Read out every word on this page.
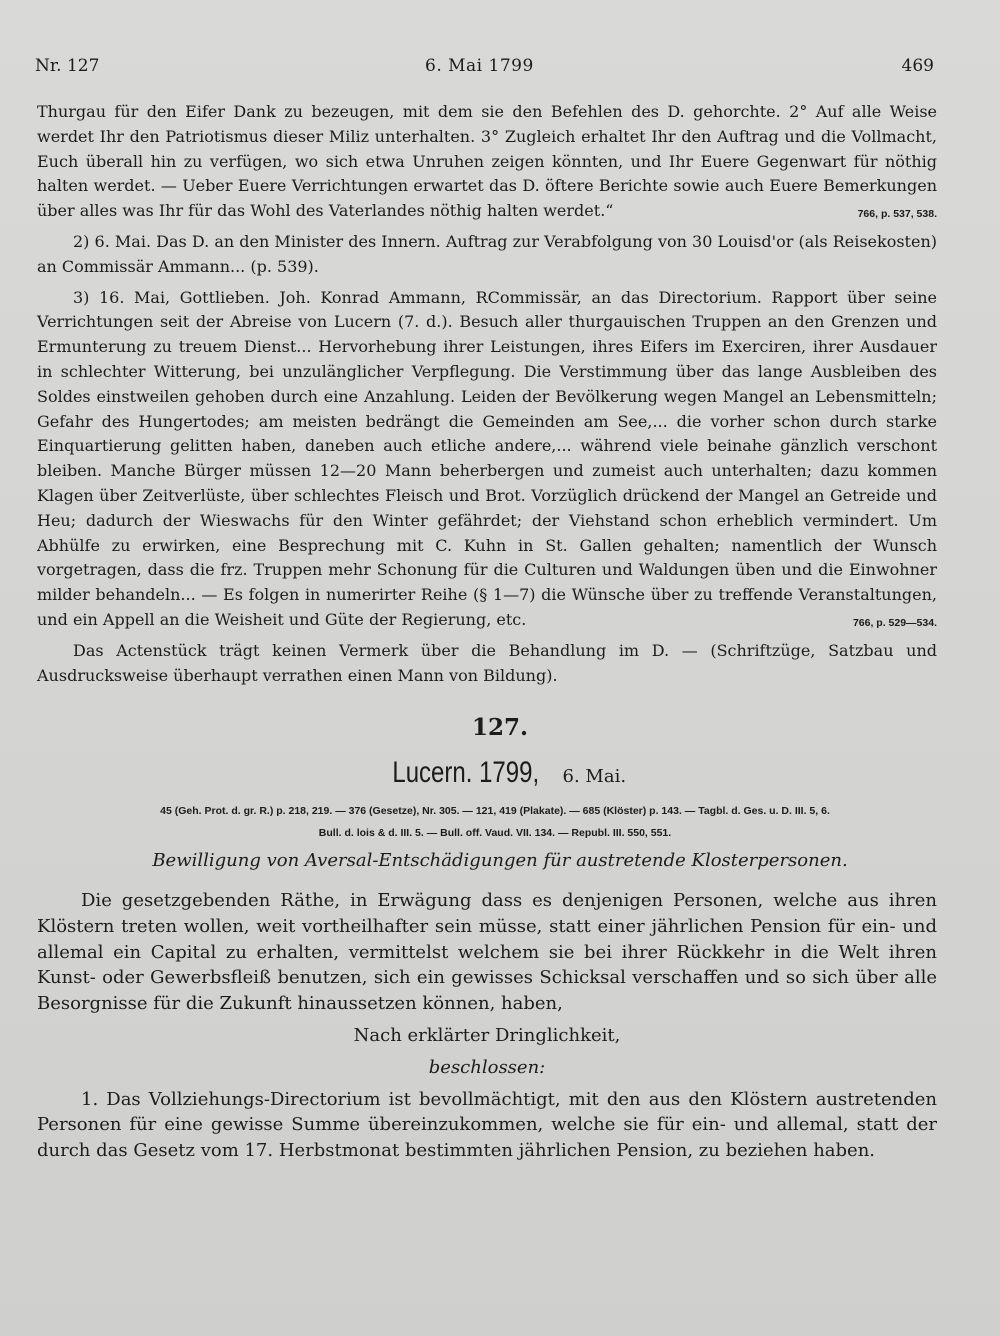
Nr. 127	6. Mai 1799	469

Thurgau für den Eifer Dank zu bezeugen, mit dem sie den Befehlen des D. gehorchte. 2° Auf alle Weise werdet Ihr den Patriotismus dieser Miliz unterhalten. 3° Zugleich erhaltet Ihr den Auftrag und die Vollmacht, Euch überall hin zu verfügen, wo sich etwa Unruhen zeigen könnten, und Ihr Euere Gegenwart für nöthig halten werdet. — Ueber Euere Verrichtungen erwartet das D. öftere Berichte sowie auch Euere Bemerkungen über alles was Ihr für das Wohl des Vaterlandes nöthig halten werdet.“	766, p. 537, 538.

2) 6. Mai. Das D. an den Minister des Innern. Auftrag zur Verabfolgung von 30 Louisd'or (als Reisekosten) an Commissär Ammann... (p. 539).

3) 16. Mai, Gottlieben. Joh. Konrad Ammann, RCommissär, an das Directorium. Rapport über seine Verrichtungen seit der Abreise von Lucern (7. d.). Besuch aller thurgauischen Truppen an den Grenzen und Ermunterung zu treuem Dienst... Hervorhebung ihrer Leistungen, ihres Eifers im Exerciren, ihrer Ausdauer in schlechter Witterung, bei unzulänglicher Verpflegung. Die Verstimmung über das lange Ausbleiben des Soldes einstweilen gehoben durch eine Anzahlung. Leiden der Bevölkerung wegen Mangel an Lebensmitteln; Gefahr des Hungertodes; am meisten bedrängt die Gemeinden am See,... die vorher schon durch starke Einquartierung gelitten haben, daneben auch etliche andere,... während viele beinahe gänzlich verschont bleiben. Manche Bürger müssen 12—20 Mann beherbergen und zumeist auch unterhalten; dazu kommen Klagen über Zeitverlüste, über schlechtes Fleisch und Brot. Vorzüglich drückend der Mangel an Getreide und Heu; dadurch der Wieswachs für den Winter gefährdet; der Viehstand schon erheblich vermindert. Um Abhülfe zu erwirken, eine Besprechung mit C. Kuhn in St. Gallen gehalten; namentlich der Wunsch vorgetragen, dass die frz. Truppen mehr Schonung für die Culturen und Waldungen üben und die Einwohner milder behandeln... — Es folgen in numerirter Reihe (§ 1—7) die Wünsche über zu treffende Veranstaltungen, und ein Appell an die Weisheit und Güte der Regierung, etc.	766, p. 529—534.

Das Actenstück trägt keinen Vermerk über die Behandlung im D. — (Schriftzüge, Satzbau und Ausdrucksweise überhaupt verrathen einen Mann von Bildung).

127.
Lucern. 1799, 6. Mai.
45 (Geh. Prot. d. gr. R.) p. 218, 219. — 376 (Gesetze), Nr. 305. — 121, 419 (Plakate). — 685 (Klöster) p. 143. — Tagbl. d. Ges. u. D. III. 5, 6.
Bull. d. lois & d. III. 5. — Bull. off. Vaud. VII. 134. — Republ. III. 550, 551.
Bewilligung von Aversal-Entschädigungen für austretende Klosterpersonen.

Die gesetzgebenden Räthe, in Erwägung dass es denjenigen Personen, welche aus ihren Klöstern treten wollen, weit vortheilhafter sein müsse, statt einer jährlichen Pension für ein- und allemal ein Capital zu erhalten, vermittelst welchem sie bei ihrer Rückkehr in die Welt ihren Kunst- oder Gewerbsfleiß benutzen, sich ein gewisses Schicksal verschaffen und so sich über alle Besorgnisse für die Zukunft hinaussetzen können, haben,

Nach erklärter Dringlichkeit,

beschlossen:

1. Das Vollziehungs-Directorium ist bevollmächtigt, mit den aus den Klöstern austretenden Personen für eine gewisse Summe übereinzukommen, welche sie für ein- und allemal, statt der durch das Gesetz vom 17. Herbstmonat bestimmten jährlichen Pension, zu beziehen haben.
